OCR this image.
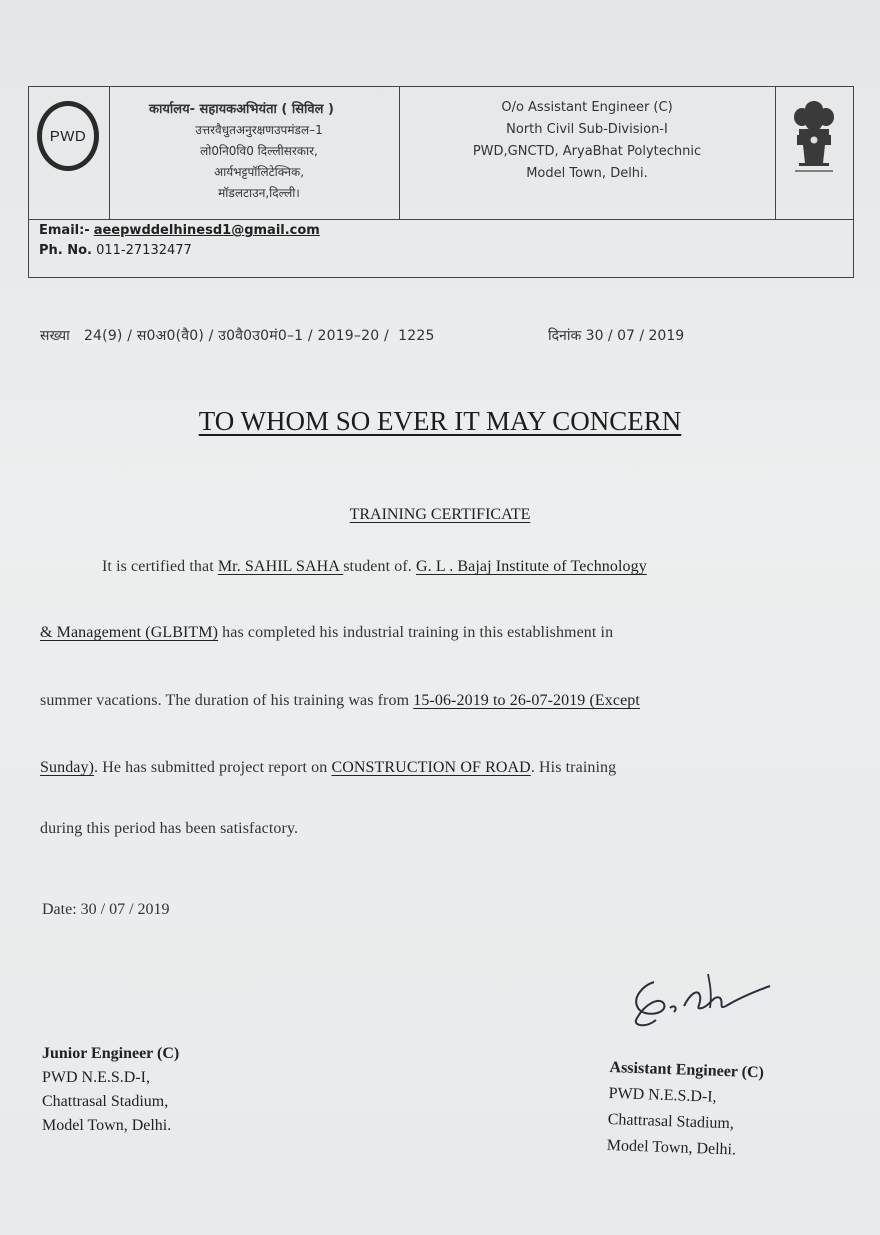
PWD
कार्यालय- सहायकअभियंता ( सिविल )
उत्तरवैधुतअनुरक्षणउपमंडल–1
लो0नि0वि0 दिल्लीसरकार,
आर्यभट्टपॉलिटेक्निक,
मॉडलटाउन,दिल्ली।
O/o Assistant Engineer (C)
North Civil Sub-Division-I
PWD,GNCTD, AryaBhat Polytechnic
Model Town, Delhi.
Email:- aeepwddelhinesd1@gmail.com
Ph. No. 011-27132477
सख्या   24(9) / स0अ0(वै0) / उ0वै0उ0मं0–1 / 2019–20 /  1225	दिनांक 30 / 07 / 2019
TO WHOM SO EVER IT MAY CONCERN
TRAINING CERTIFICATE
It is certified that Mr. SAHIL SAHA student of. G. L . Bajaj Institute of Technology
& Management (GLBITM) has completed his industrial training in this establishment in
summer vacations. The duration of his training was from 15-06-2019 to 26-07-2019 (Except
Sunday). He has submitted project report on CONSTRUCTION OF ROAD. His training
during this period has been satisfactory.
Date: 30 / 07 / 2019
Junior Engineer (C)
PWD N.E.S.D-I,
Chattrasal Stadium,
Model Town, Delhi.
Assistant Engineer (C)
PWD N.E.S.D-I,
Chattrasal Stadium,
Model Town, Delhi.
